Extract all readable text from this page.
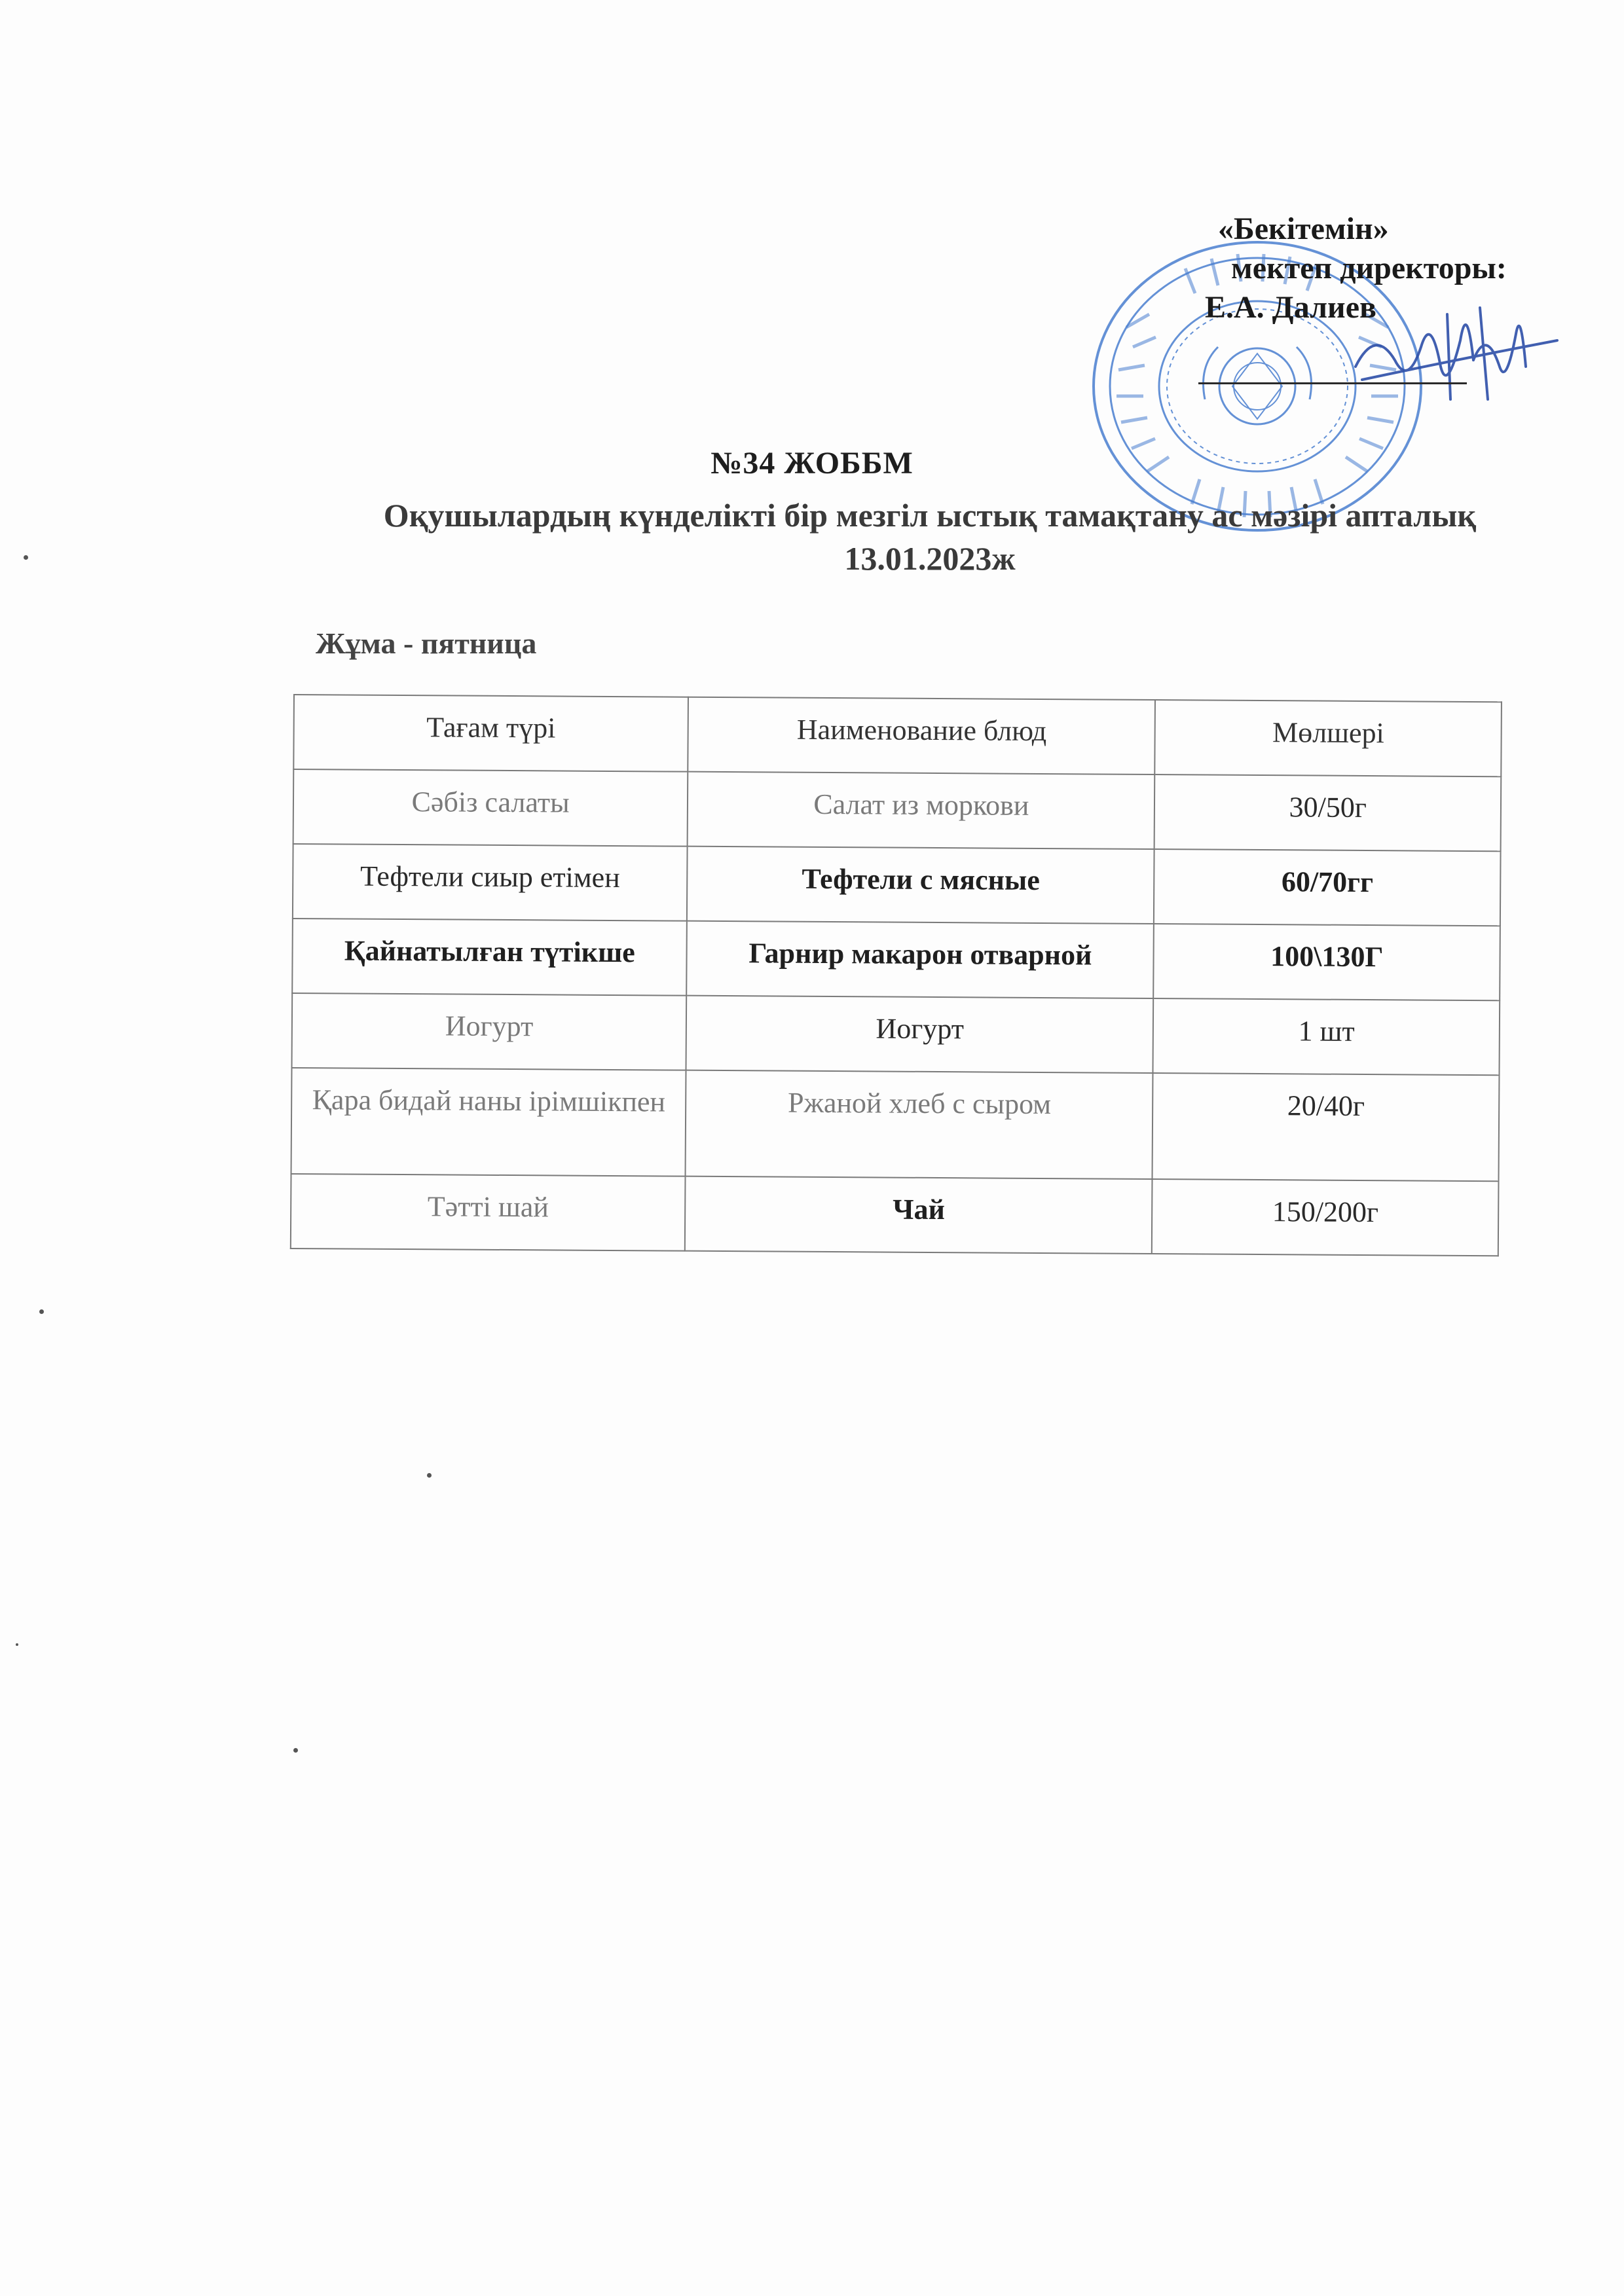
«Бекітемін»
мектеп директоры:
Е.А. Далиев
№34 ЖОББМ
Оқушылардың күнделікті бір мезгіл ыстық тамақтану ас мәзірі апталық
13.01.2023ж
Жұма - пятница
Тағам түрі	Наименование блюд	Мөлшері
Сәбіз салаты	Салат из моркови	30/50г
Тефтели сиыр етімен	Тефтели с мясные	60/70гг
Қайнатылған түтікше	Гарнир макарон отварной	100\130Г
Иогурт	Иогурт	1 шт
Қара бидай наны ірімшікпен	Ржаной хлеб с сыром	20/40г
Тәтті шай	Чай	150/200г
